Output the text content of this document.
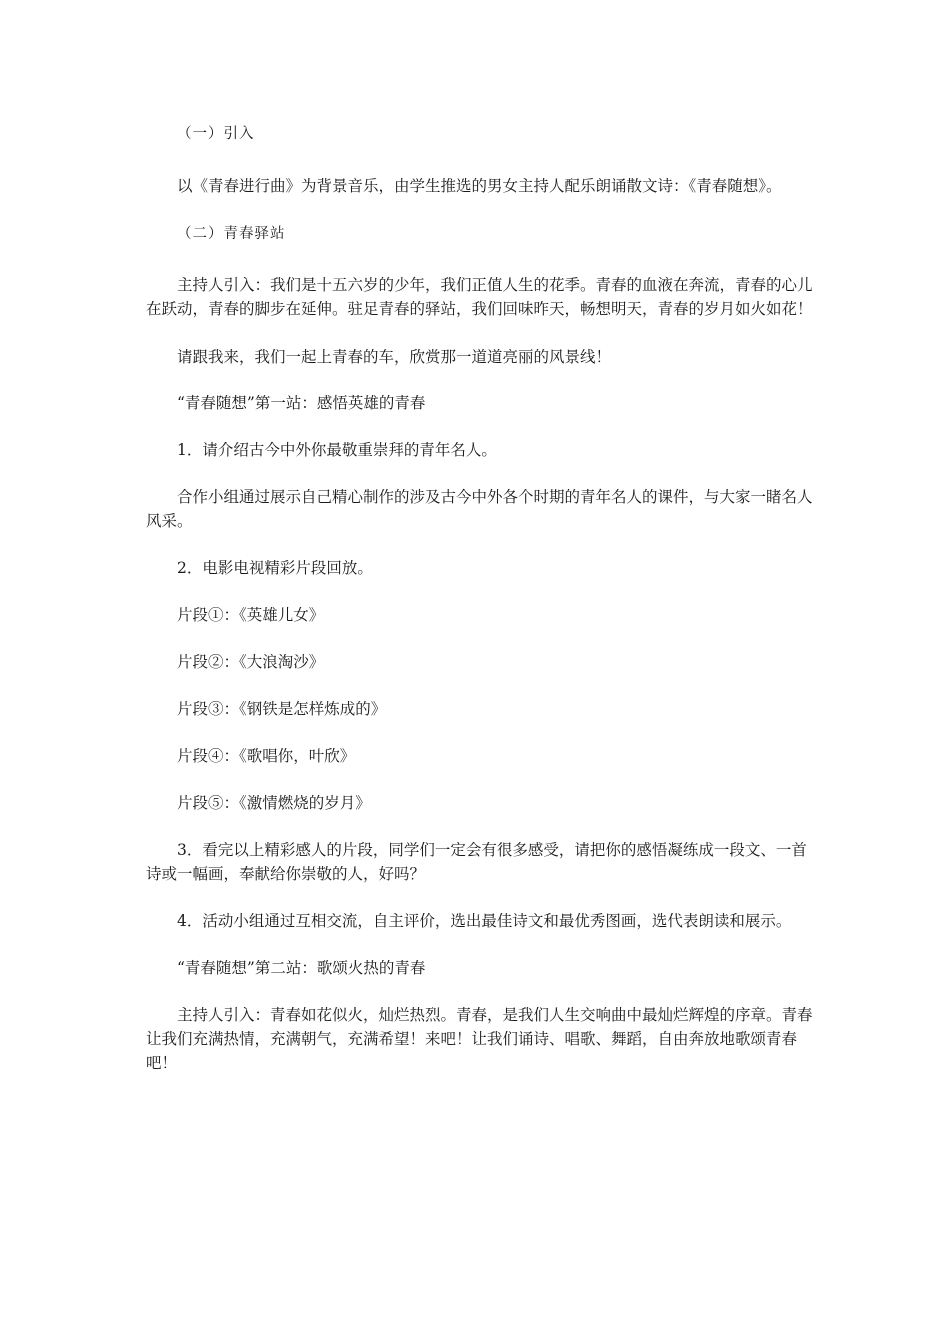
（一）引入

以《青春进行曲》为背景音乐，由学生推选的男女主持人配乐朗诵散文诗：《青春随想》。

（二）青春驿站

主持人引入：我们是十五六岁的少年，我们正值人生的花季。青春的血液在奔流，青春的心儿在跃动，青春的脚步在延伸。驻足青春的驿站，我们回味昨天，畅想明天，青春的岁月如火如花！

请跟我来，我们一起上青春的车，欣赏那一道道亮丽的风景线！

“青春随想”第一站：感悟英雄的青春

1．请介绍古今中外你最敬重崇拜的青年名人。

合作小组通过展示自己精心制作的涉及古今中外各个时期的青年名人的课件，与大家一睹名人风采。

2．电影电视精彩片段回放。

片段①：《英雄儿女》

片段②：《大浪淘沙》

片段③：《钢铁是怎样炼成的》

片段④：《歌唱你，叶欣》

片段⑤：《激情燃烧的岁月》

3．看完以上精彩感人的片段，同学们一定会有很多感受，请把你的感悟凝练成一段文、一首诗或一幅画，奉献给你崇敬的人，好吗？

4．活动小组通过互相交流，自主评价，选出最佳诗文和最优秀图画，选代表朗读和展示。

“青春随想”第二站：歌颂火热的青春

主持人引入：青春如花似火，灿烂热烈。青春，是我们人生交响曲中最灿烂辉煌的序章。青春让我们充满热情，充满朝气，充满希望！来吧！让我们诵诗、唱歌、舞蹈，自由奔放地歌颂青春吧！
